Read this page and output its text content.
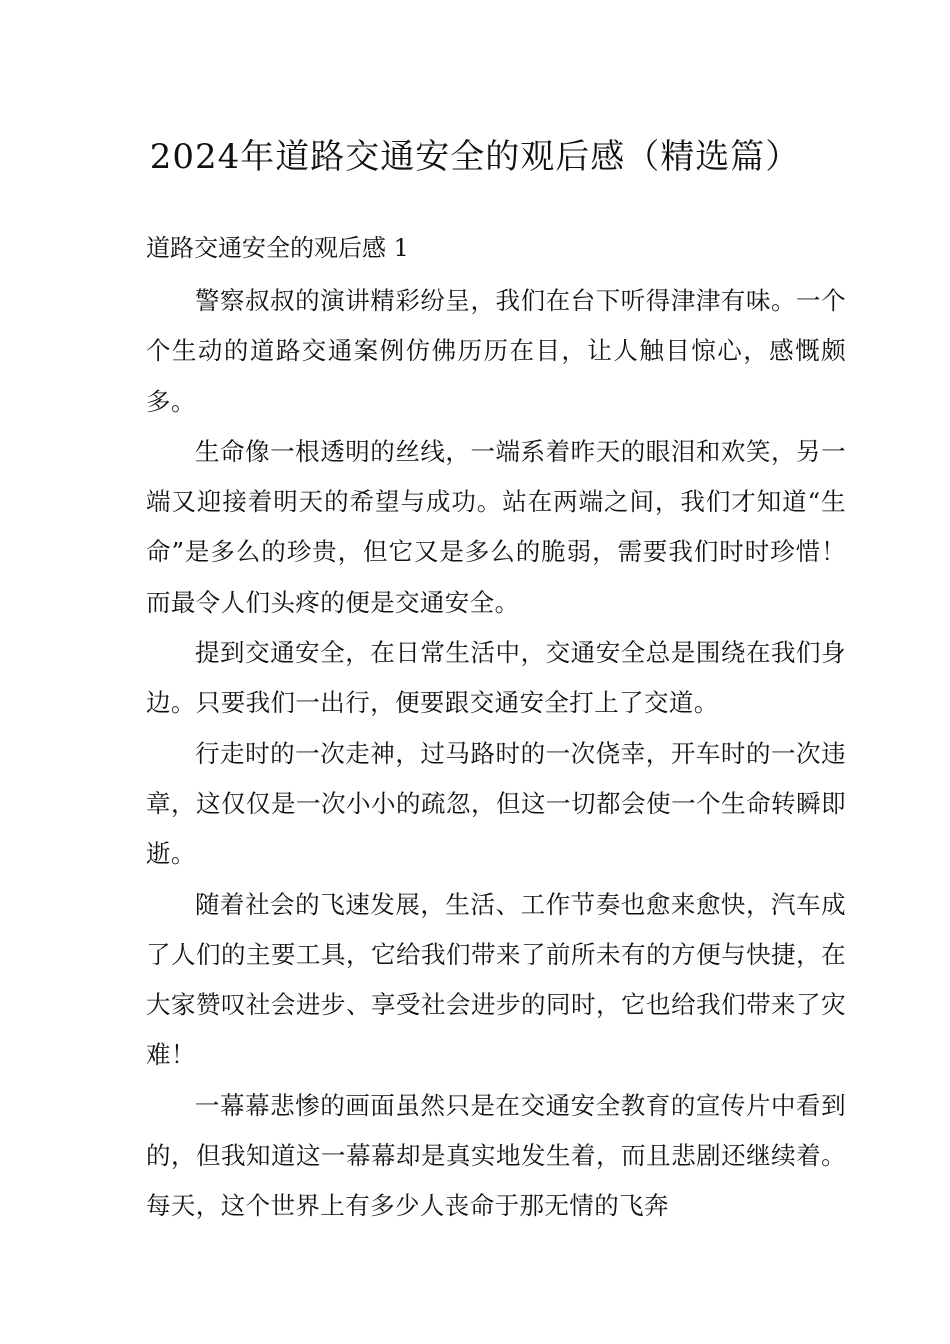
2024年道路交通安全的观后感（精选篇）
道路交通安全的观后感 1

警察叔叔的演讲精彩纷呈，我们在台下听得津津有味。一个个生动的道路交通案例仿佛历历在目，让人触目惊心，感慨颇多。

生命像一根透明的丝线，一端系着昨天的眼泪和欢笑，另一端又迎接着明天的希望与成功。站在两端之间，我们才知道“生命”是多么的珍贵，但它又是多么的脆弱，需要我们时时珍惜！而最令人们头疼的便是交通安全。

提到交通安全，在日常生活中，交通安全总是围绕在我们身边。只要我们一出行，便要跟交通安全打上了交道。

行走时的一次走神，过马路时的一次侥幸，开车时的一次违章，这仅仅是一次小小的疏忽，但这一切都会使一个生命转瞬即逝。

随着社会的飞速发展，生活、工作节奏也愈来愈快，汽车成了人们的主要工具，它给我们带来了前所未有的方便与快捷，在大家赞叹社会进步、享受社会进步的同时，它也给我们带来了灾难！

一幕幕悲惨的画面虽然只是在交通安全教育的宣传片中看到的，但我知道这一幕幕却是真实地发生着，而且悲剧还继续着。每天，这个世界上有多少人丧命于那无情的飞奔
